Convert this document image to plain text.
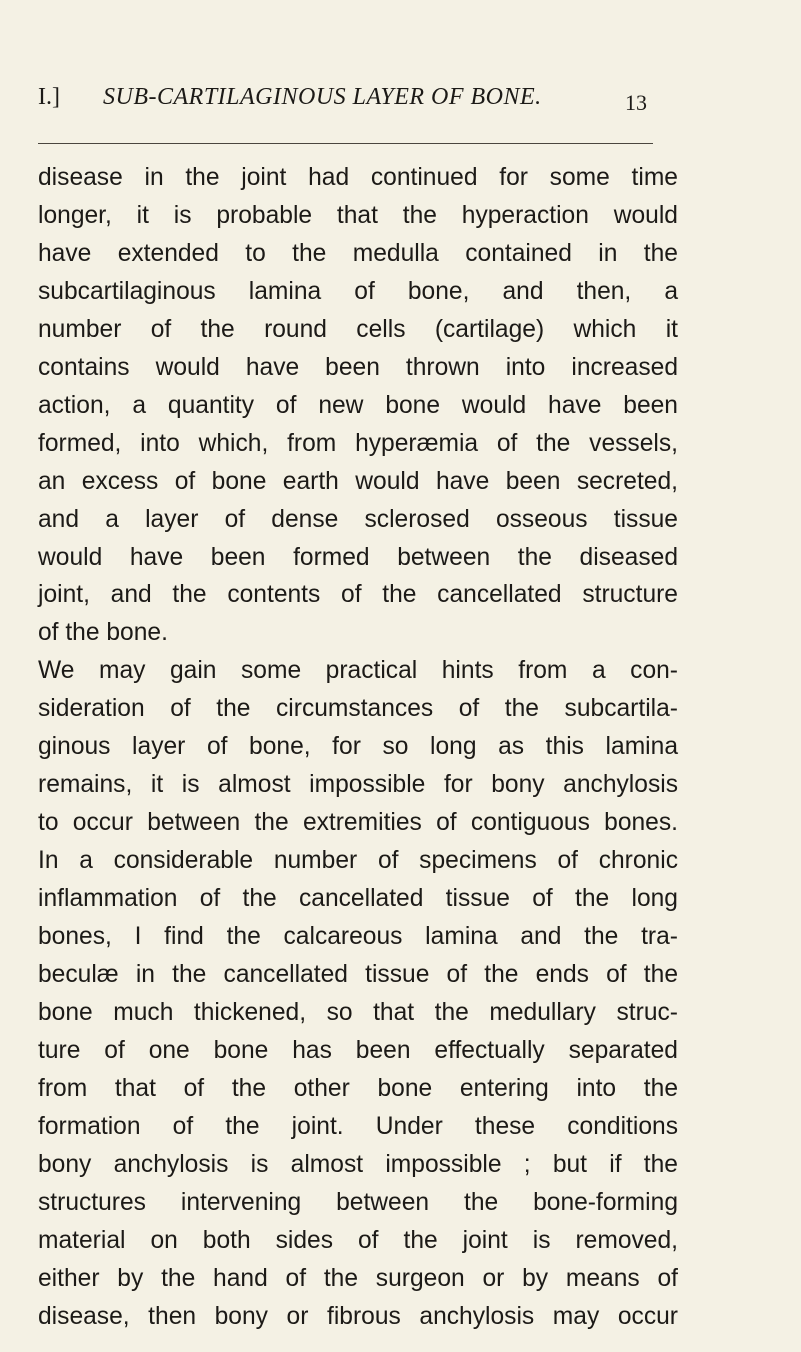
I.] SUB-CARTILAGINOUS LAYER OF BONE.	13
disease in the joint had continued for some time
longer, it is probable that the hyperaction would
have extended to the medulla contained in the
subcartilaginous lamina of bone, and then, a
number of the round cells (cartilage) which it
contains would have been thrown into increased
action, a quantity of new bone would have been
formed, into which, from hyperæmia of the vessels,
an excess of bone earth would have been secreted,
and a layer of dense sclerosed osseous tissue
would have been formed between the diseased
joint, and the contents of the cancellated structure
of the bone.
We may gain some practical hints from a con-
sideration of the circumstances of the subcartila-
ginous layer of bone, for so long as this lamina
remains, it is almost impossible for bony anchylosis
to occur between the extremities of contiguous bones.
In a considerable number of specimens of chronic
inflammation of the cancellated tissue of the long
bones, I find the calcareous lamina and the tra-
beculæ in the cancellated tissue of the ends of the
bone much thickened, so that the medullary struc-
ture of one bone has been effectually separated
from that of the other bone entering into the
formation of the joint. Under these conditions
bony anchylosis is almost impossible ; but if the
structures intervening between the bone-forming
material on both sides of the joint is removed,
either by the hand of the surgeon or by means of
disease, then bony or fibrous anchylosis may occur
